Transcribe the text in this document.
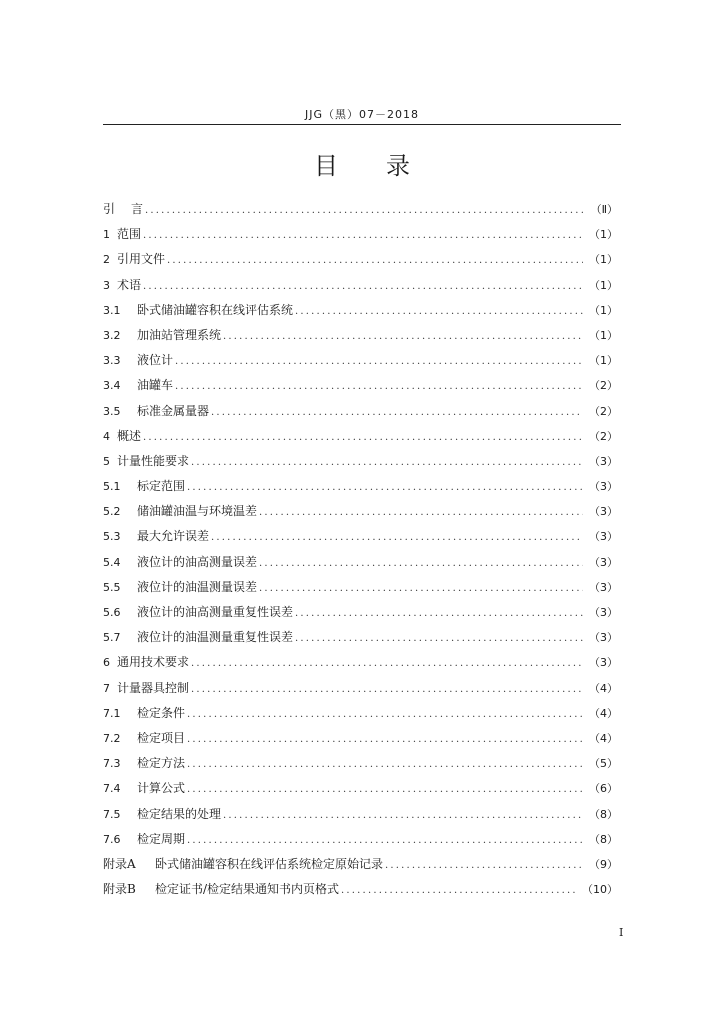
JJG（黑）07－2018
目录
引	言 .....	（Ⅱ）
1 范围 .....	（1）
2 引用文件 .....	（1）
3 术语 .....	（1）
3.1	卧式储油罐容积在线评估系统 .....	（1）
3.2	加油站管理系统 .....	（1）
3.3	液位计 .....	（1）
3.4	油罐车 .....	（2）
3.5	标准金属量器 .....	（2）
4 概述 .....	（2）
5 计量性能要求 .....	（3）
5.1	标定范围 .....	（3）
5.2	储油罐油温与环境温差 .....	（3）
5.3	最大允许误差 .....	（3）
5.4	液位计的油高测量误差 .....	（3）
5.5	液位计的油温测量误差 .....	（3）
5.6	液位计的油高测量重复性误差 .....	（3）
5.7	液位计的油温测量重复性误差 .....	（3）
6 通用技术要求 .....	（3）
7 计量器具控制 .....	（4）
7.1	检定条件 .....	（4）
7.2	检定项目 .....	（4）
7.3	检定方法 .....	（5）
7.4	计算公式 .....	（6）
7.5	检定结果的处理 .....	（8）
7.6	检定周期 .....	（8）
附录A	卧式储油罐容积在线评估系统检定原始记录 .....	（9）
附录B	检定证书/检定结果通知书内页格式 .....	（10）
I
